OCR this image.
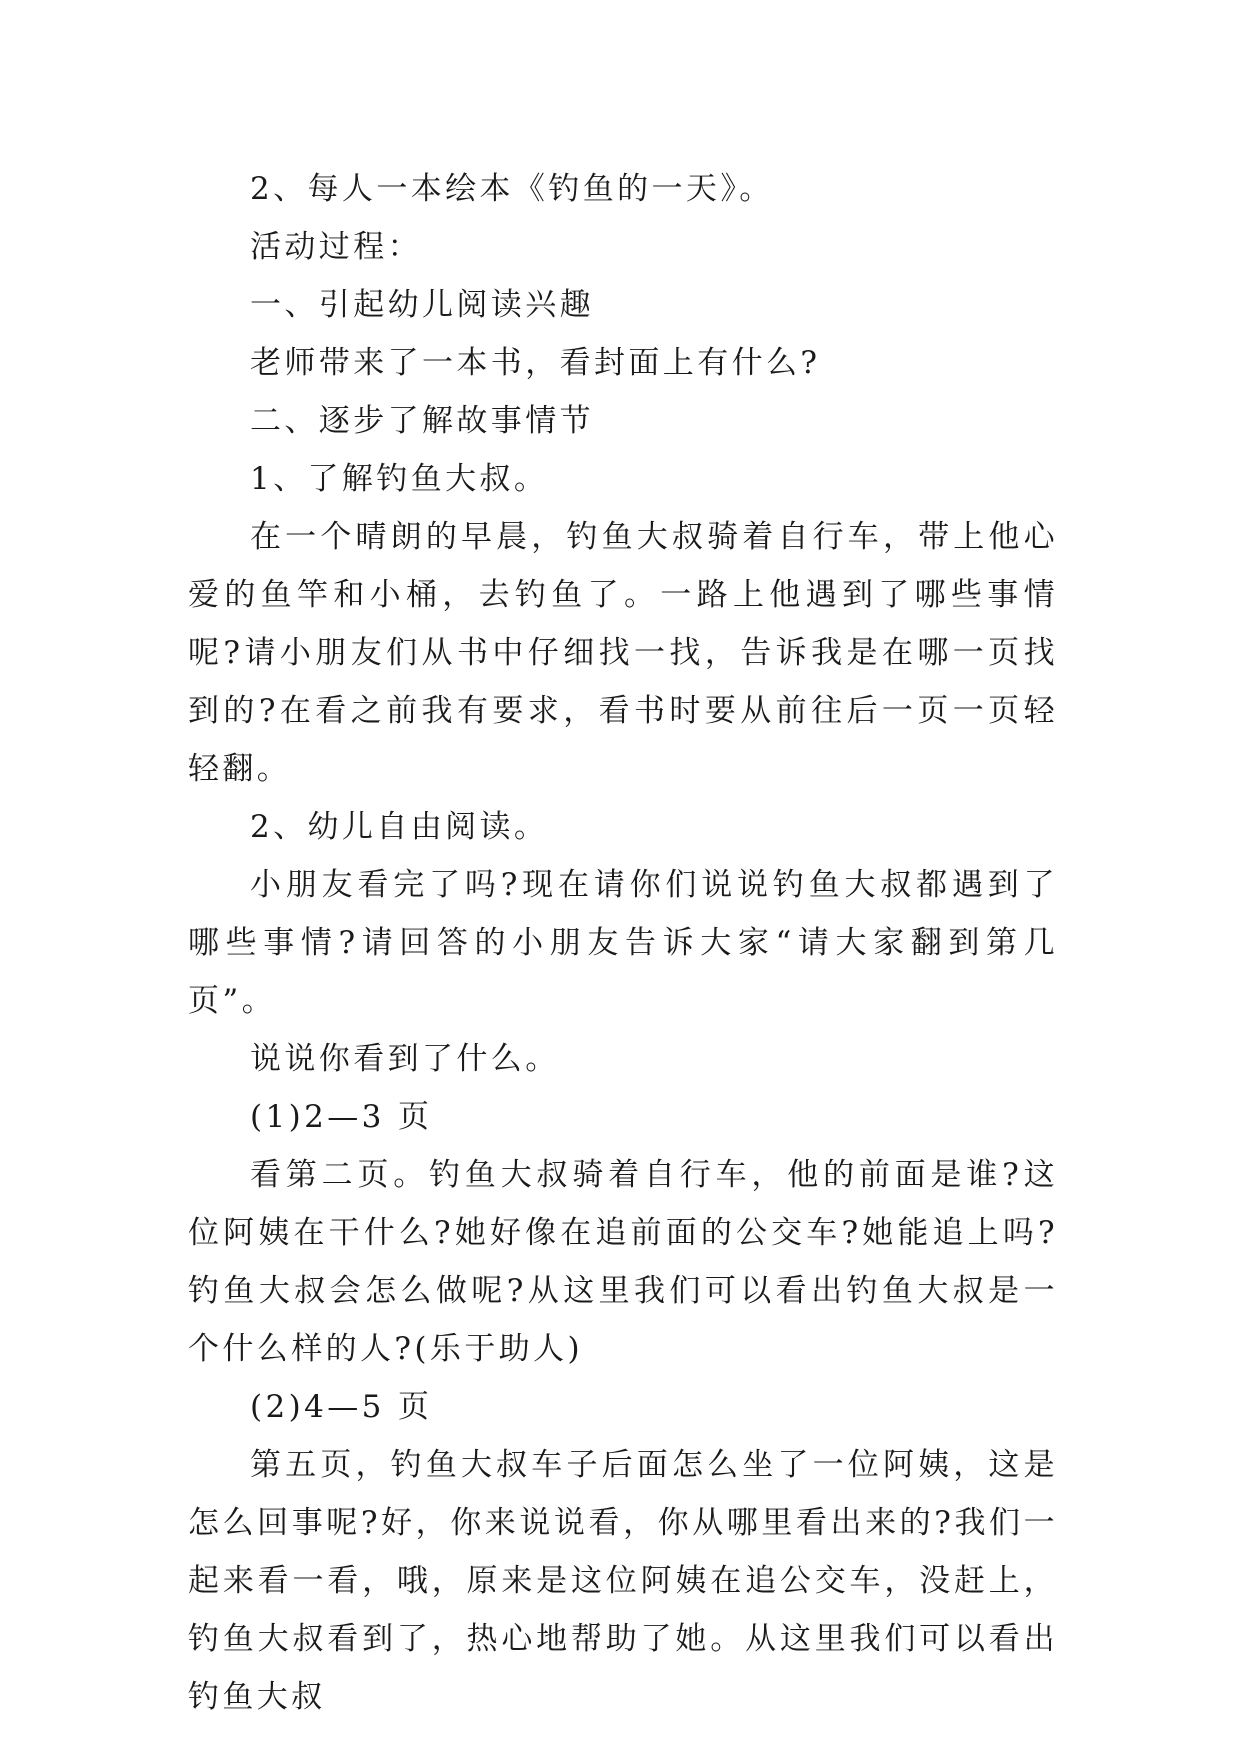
2、每人一本绘本《钓鱼的一天》。

活动过程：

一、引起幼儿阅读兴趣

老师带来了一本书，看封面上有什么?

二、逐步了解故事情节

1、了解钓鱼大叔。

在一个晴朗的早晨，钓鱼大叔骑着自行车，带上他心爱的鱼竿和小桶，去钓鱼了。一路上他遇到了哪些事情呢?请小朋友们从书中仔细找一找，告诉我是在哪一页找到的?在看之前我有要求，看书时要从前往后一页一页轻轻翻。

2、幼儿自由阅读。

小朋友看完了吗?现在请你们说说钓鱼大叔都遇到了哪些事情?请回答的小朋友告诉大家“请大家翻到第几页”。

说说你看到了什么。

(1)2—3 页

看第二页。钓鱼大叔骑着自行车，他的前面是谁?这位阿姨在干什么?她好像在追前面的公交车?她能追上吗?钓鱼大叔会怎么做呢?从这里我们可以看出钓鱼大叔是一个什么样的人?(乐于助人)

(2)4—5 页

第五页，钓鱼大叔车子后面怎么坐了一位阿姨，这是怎么回事呢?好，你来说说看，你从哪里看出来的?我们一起来看一看，哦，原来是这位阿姨在追公交车，没赶上，钓鱼大叔看到了，热心地帮助了她。从这里我们可以看出钓鱼大叔
